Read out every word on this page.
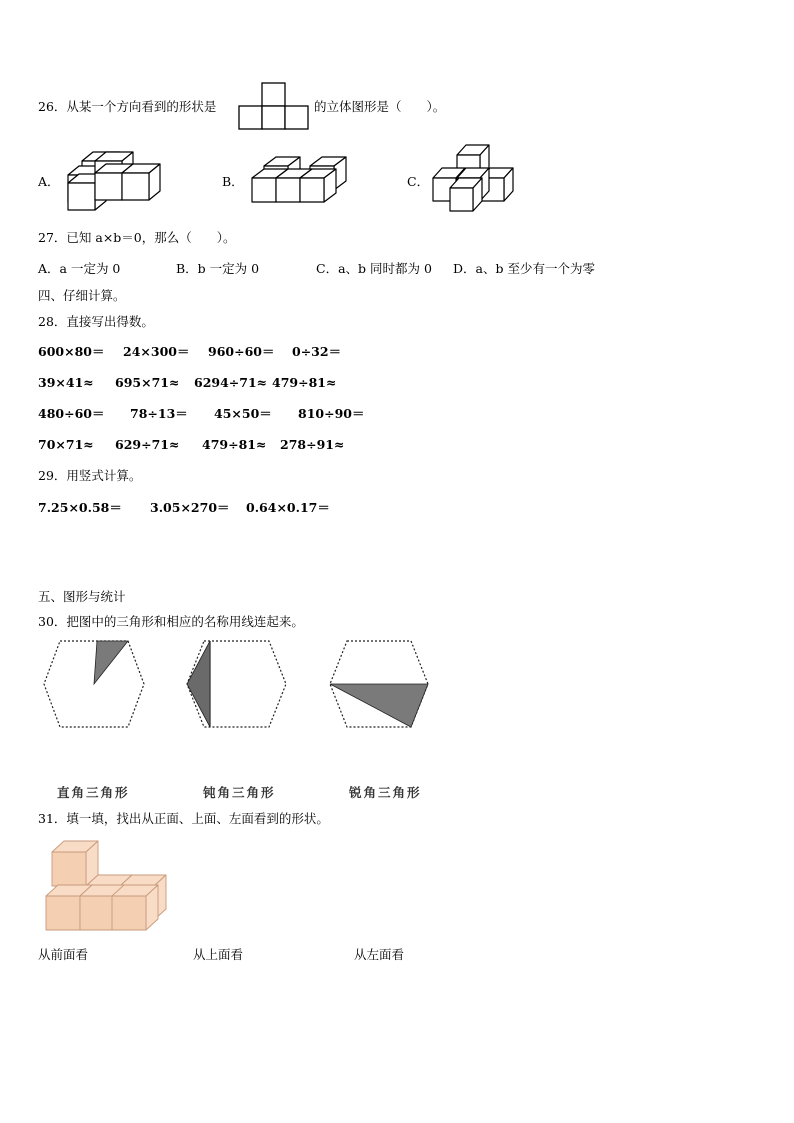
26．从某一个方向看到的形状是	的立体图形是（　　）。
A．	B．	C．
27．已知 a×b＝0，那么（　　）。
A．a 一定为 0	B．b 一定为 0	C．a、b 同时都为 0 D．a、b 至少有一个为零
四、仔细计算。
28．直接写出得数。
600×80＝ 24×300＝ 960÷60＝ 0÷32＝
39×41≈ 695×71≈ 6294÷71≈ 479÷81≈
480÷60＝ 78÷13＝ 45×50＝ 810÷90＝
70×71≈ 629÷71≈ 479÷81≈ 278÷91≈
29．用竖式计算。
7.25×0.58＝ 3.05×270＝ 0.64×0.17＝
五、图形与统计
30．把图中的三角形和相应的名称用线连起来。
直角三角形	钝角三角形	锐角三角形
31．填一填，找出从正面、上面、左面看到的形状。
从前面看	从上面看	从左面看
